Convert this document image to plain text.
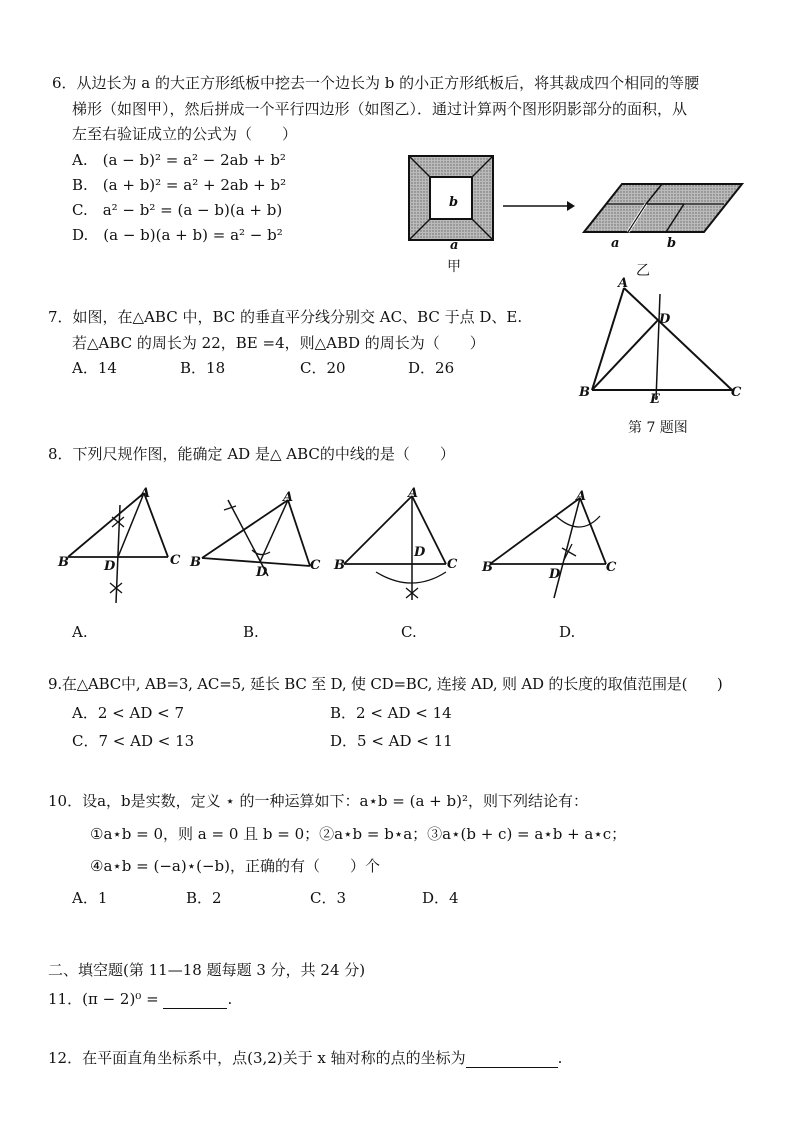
6．从边长为 a 的大正方形纸板中挖去一个边长为 b 的小正方形纸板后，将其裁成四个相同的等腰
梯形（如图甲），然后拼成一个平行四边形（如图乙）．通过计算两个图形阴影部分的面积，从
左至右验证成立的公式为（　　）
A.　(a − b)² = a² − 2ab + b²
B.　(a + b)² = a² + 2ab + b²
C.　a² − b² = (a − b)(a + b)
D.　(a − b)(a + b) = a² − b²
b
a
甲
a	b
乙
7．如图，在△ABC 中，BC 的垂直平分线分别交 AC、BC 于点 D、E.
若△ABC 的周长为 22，BE =4，则△ABD 的周长为（　　）
A．14	B．18	C．20	D．26
A
D
B	C
E
第 7 题图
8．下列尺规作图，能确定 AD 是△ ABC的中线的是（　　）
A
B	C
D
A.
A
B	C
D
B.
A
B	C
D
C.
A
B	C
D
D.
9.在△ABC中, AB=3, AC=5, 延长 BC 至 D, 使 CD=BC, 连接 AD, 则 AD 的长度的取值范围是(　　)
A．2 < AD < 7	B．2 < AD < 14
C．7 < AD < 13	D．5 < AD < 11
10．设a，b是实数，定义 ⋆ 的一种运算如下：a⋆b = (a + b)²，则下列结论有：
①a⋆b = 0，则 a = 0 且 b = 0；②a⋆b = b⋆a；③a⋆(b + c) = a⋆b + a⋆c；
④a⋆b = (−a)⋆(−b)，正确的有（　　）个
A．1	B．2	C．3	D．4
二、填空题(第 11—18 题每题 3 分，共 24 分)
11．(π − 2)⁰ =	.
12．在平面直角坐标系中，点(3,2)关于 x 轴对称的点的坐标为	.
